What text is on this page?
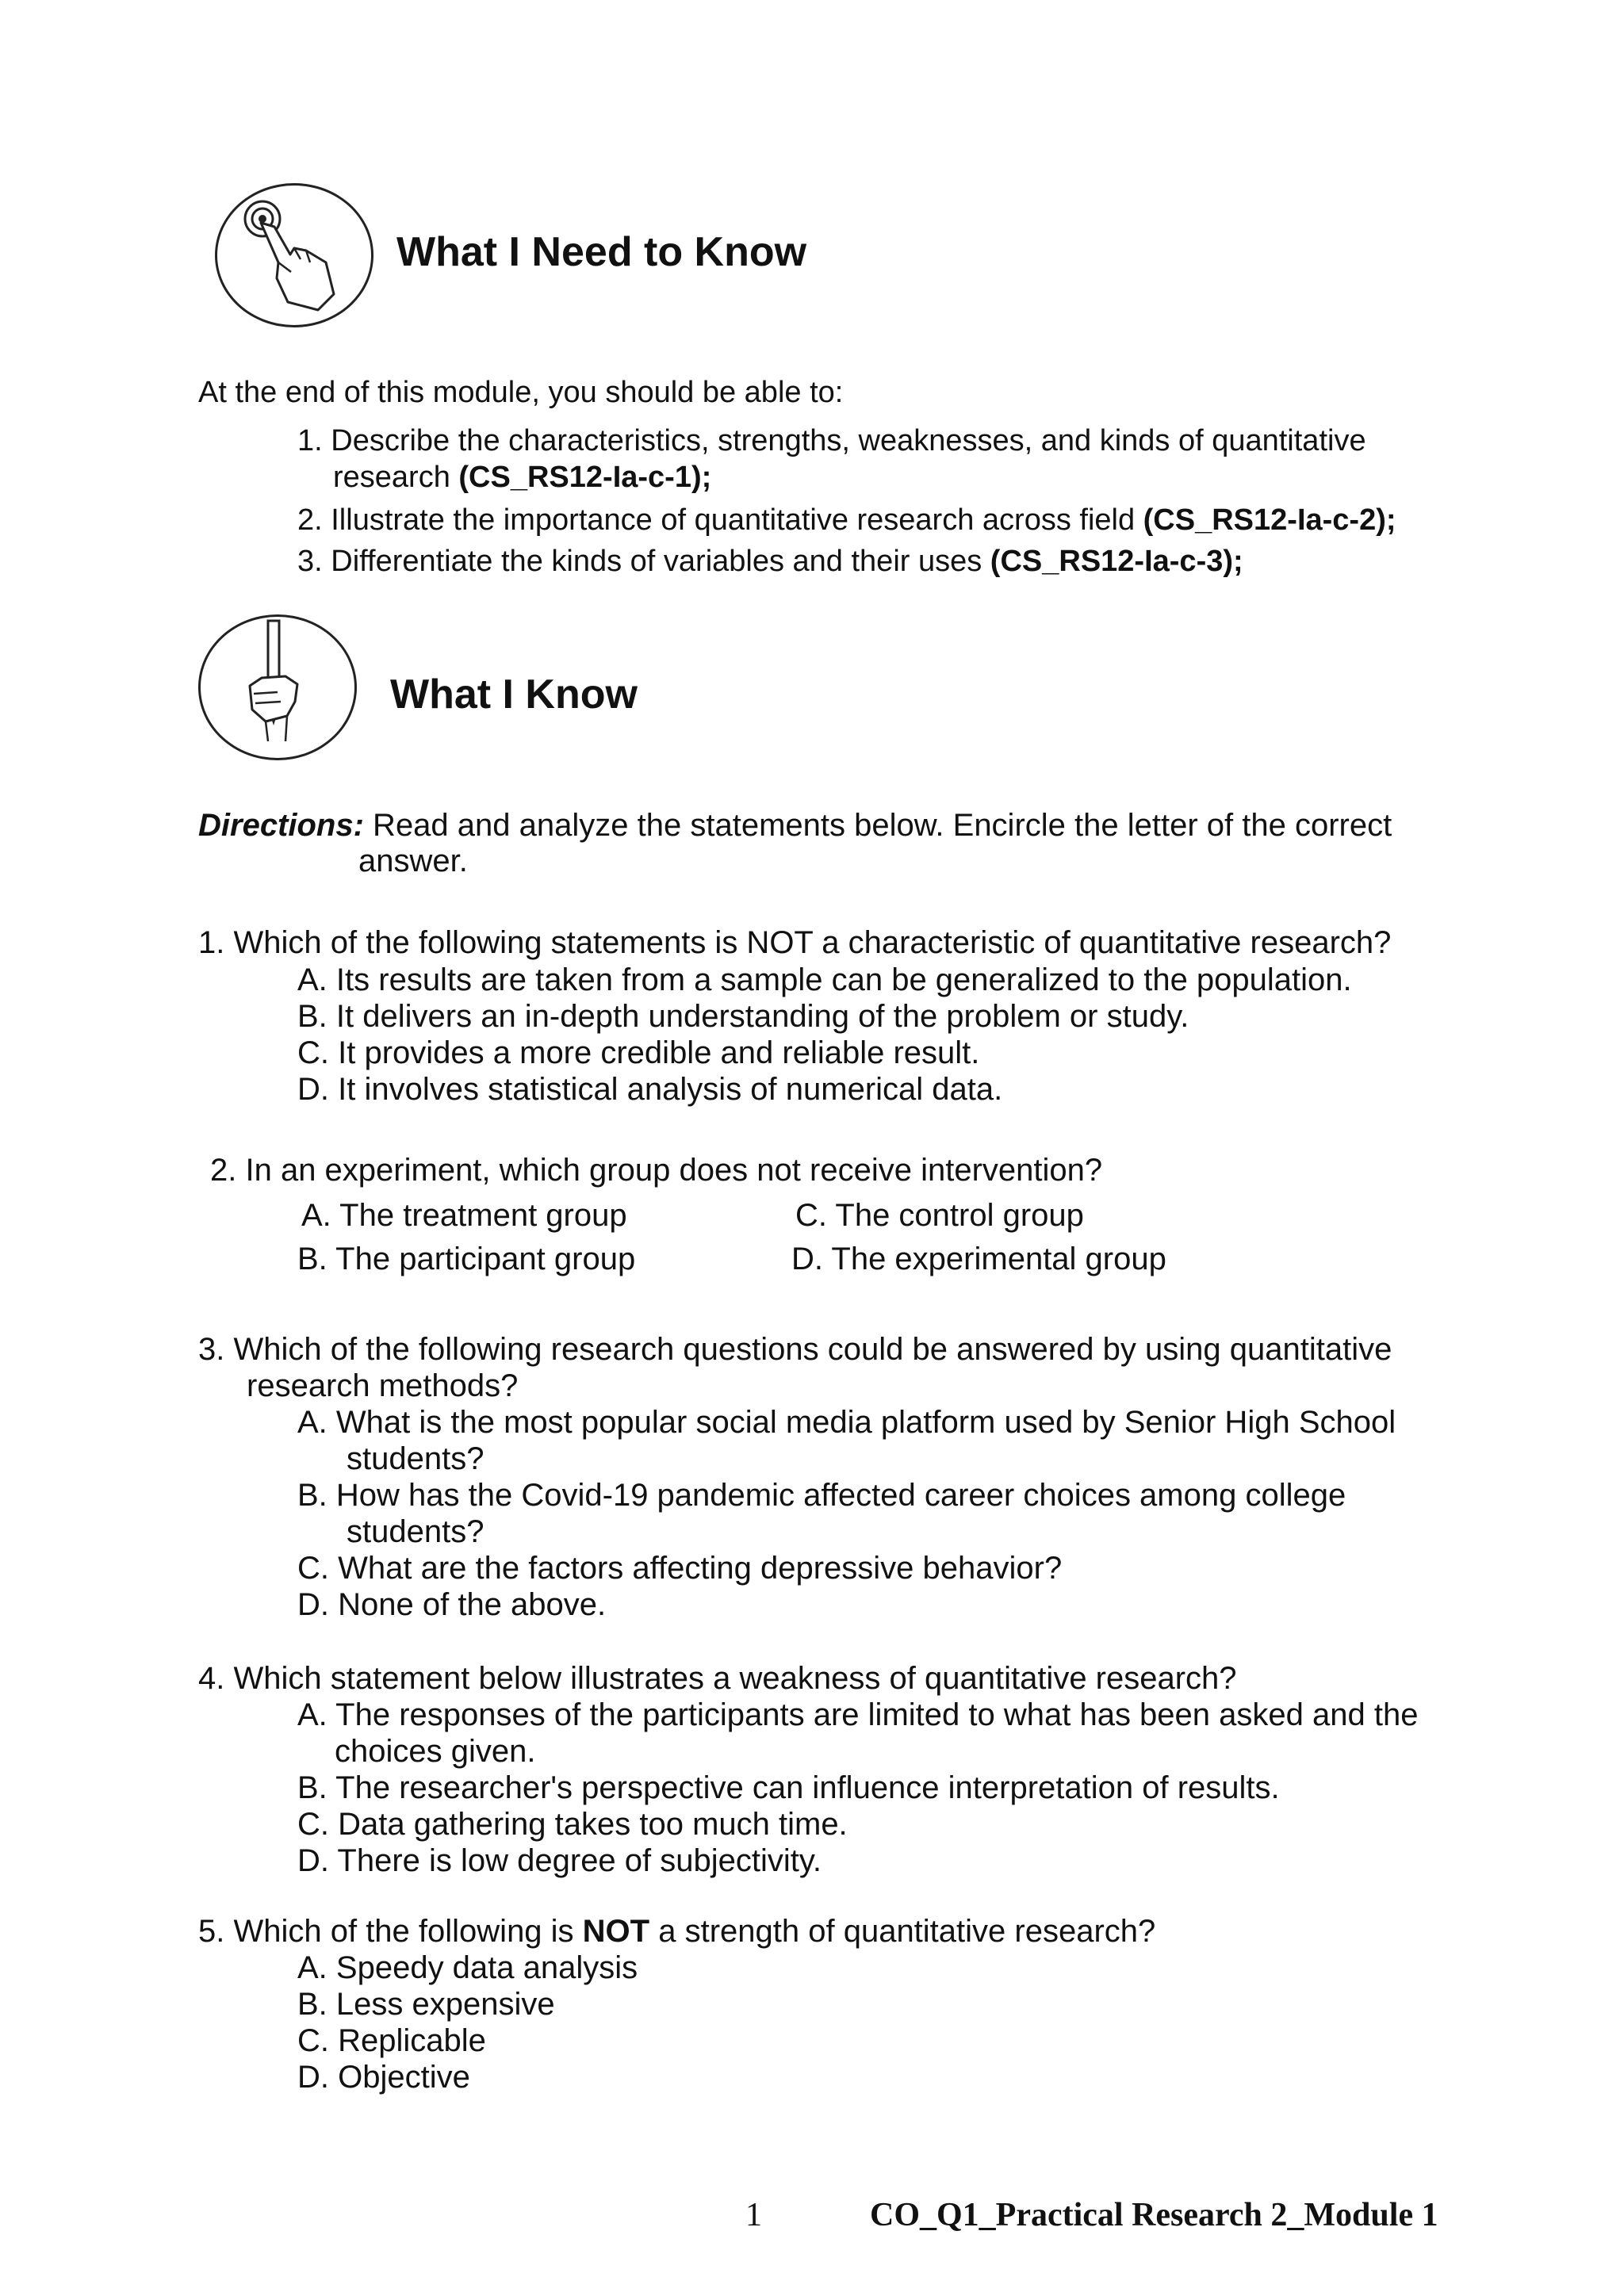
What I Need to Know
At the end of this module, you should be able to:
1. Describe the characteristics, strengths, weaknesses, and kinds of quantitative
research (CS_RS12-Ia-c-1);
2. Illustrate the importance of quantitative research across field (CS_RS12-Ia-c-2);
3. Differentiate the kinds of variables and their uses (CS_RS12-Ia-c-3);
What I Know
Directions: Read and analyze the statements below. Encircle the letter of the correct
answer.
1. Which of the following statements is NOT a characteristic of quantitative research?
A. Its results are taken from a sample can be generalized to the population.
B. It delivers an in-depth understanding of the problem or study.
C. It provides a more credible and reliable result.
D. It involves statistical analysis of numerical data.
2. In an experiment, which group does not receive intervention?
A. The treatment group	C. The control group
B. The participant group	D. The experimental group
3. Which of the following research questions could be answered by using quantitative
research methods?
A. What is the most popular social media platform used by Senior High School
students?
B. How has the Covid-19 pandemic affected career choices among college
students?
C. What are the factors affecting depressive behavior?
D. None of the above.
4. Which statement below illustrates a weakness of quantitative research?
A. The responses of the participants are limited to what has been asked and the
choices given.
B. The researcher's perspective can influence interpretation of results.
C. Data gathering takes too much time.
D. There is low degree of subjectivity.
5. Which of the following is NOT a strength of quantitative research?
A. Speedy data analysis
B. Less expensive
C. Replicable
D. Objective
1	CO_Q1_Practical Research 2_Module 1
